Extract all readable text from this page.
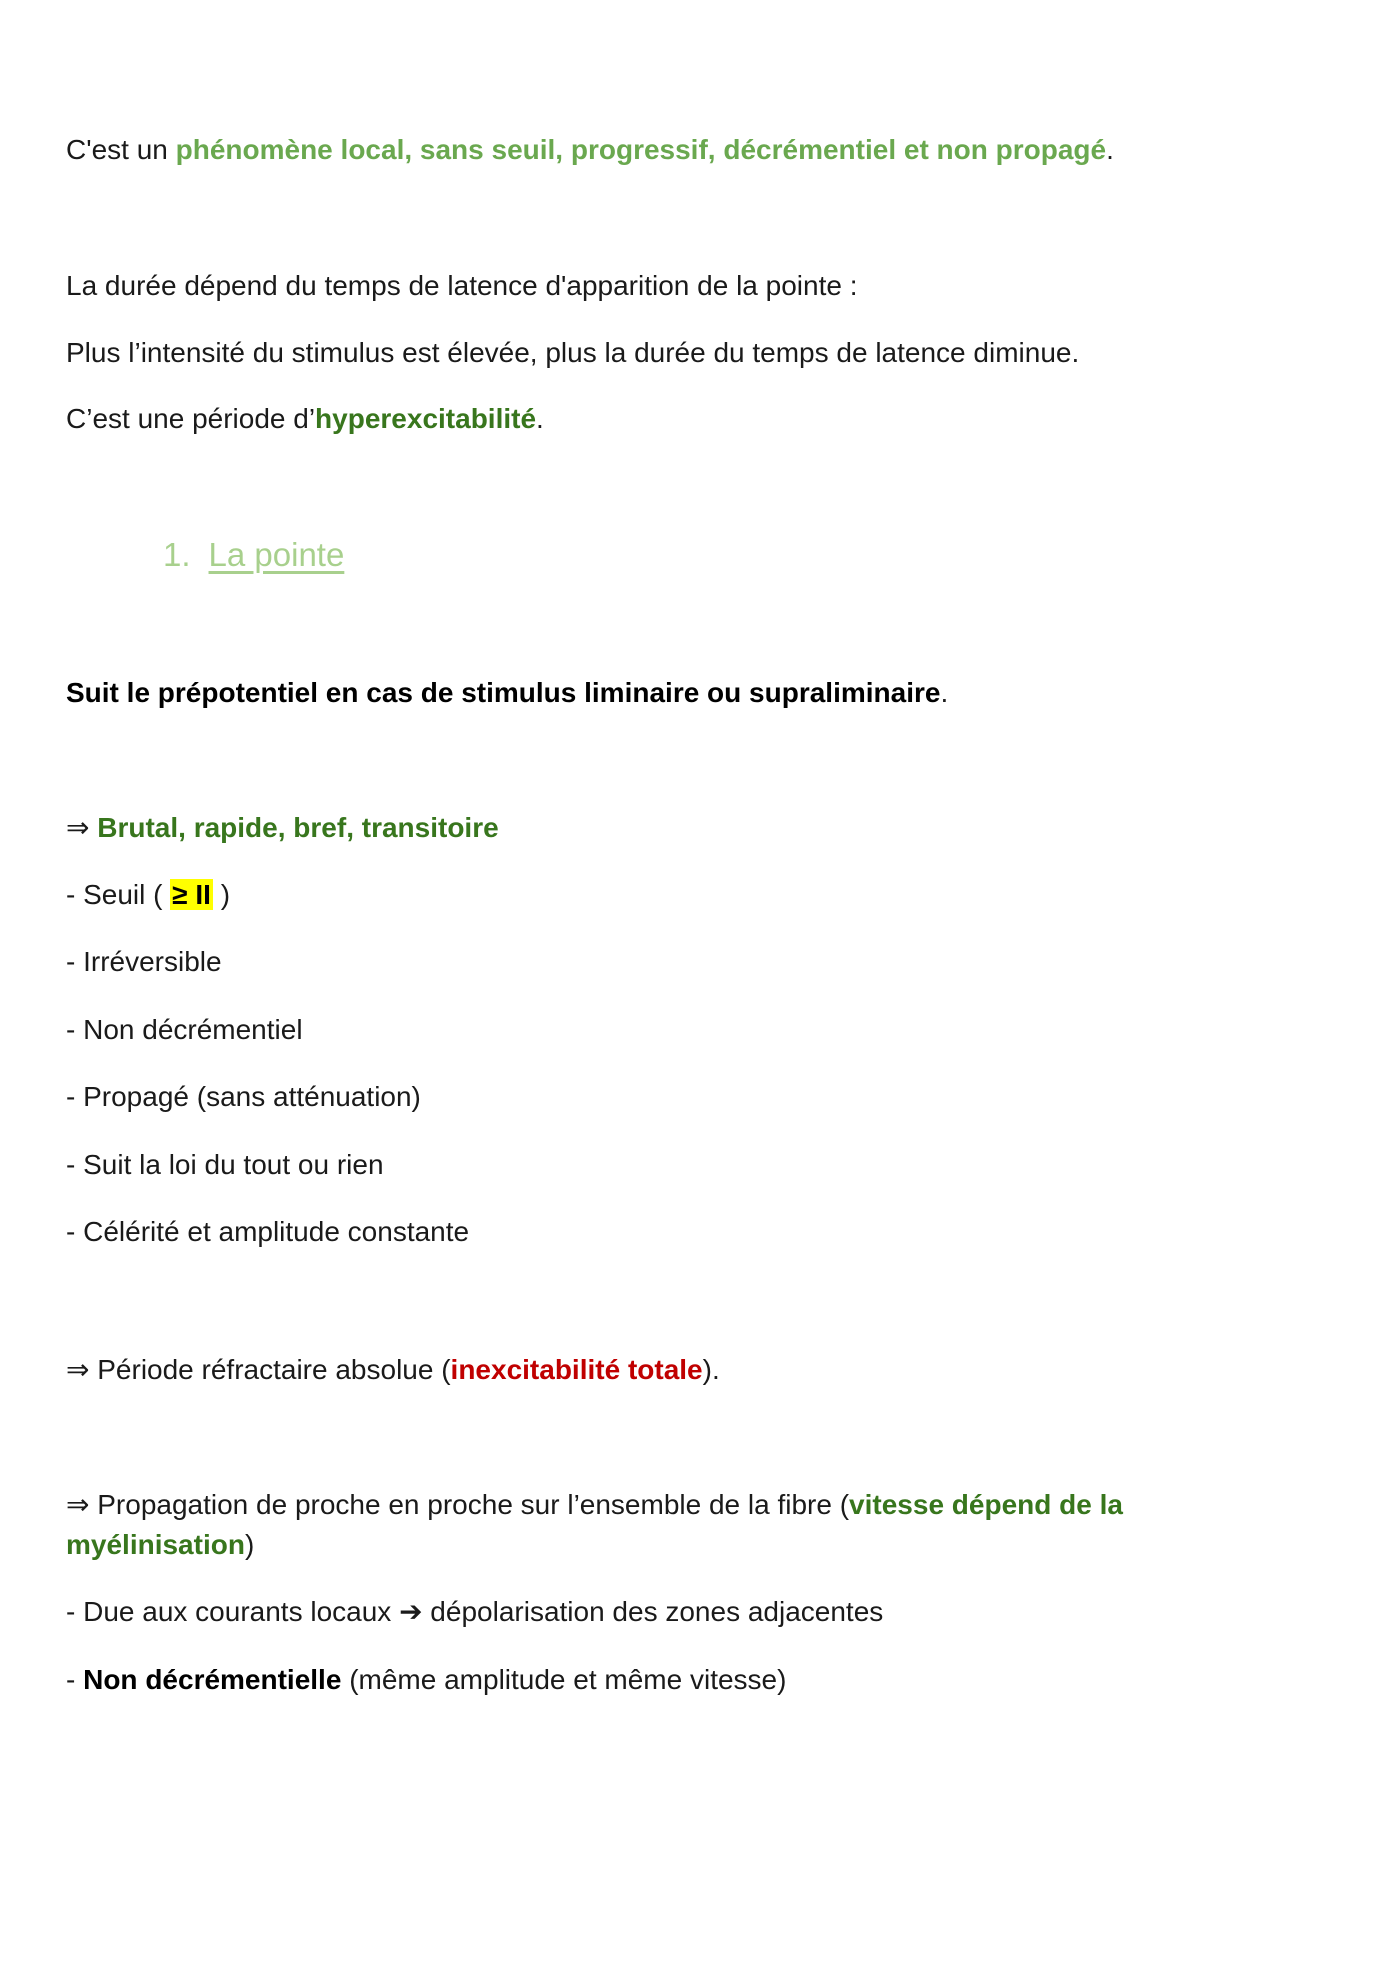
C'est un phénomène local, sans seuil, progressif, décrémentiel et non propagé.
La durée dépend du temps de latence d'apparition de la pointe :
Plus l’intensité du stimulus est élevée, plus la durée du temps de latence diminue.
C’est une période d’hyperexcitabilité.
1. La pointe
Suit le prépotentiel en cas de stimulus liminaire ou supraliminaire.
⇒ Brutal, rapide, bref, transitoire
- Seuil ( ≥ II )
- Irréversible
- Non décrémentiel
- Propagé (sans atténuation)
- Suit la loi du tout ou rien
- Célérité et amplitude constante
⇒ Période réfractaire absolue (inexcitabilité totale).
⇒ Propagation de proche en proche sur l’ensemble de la fibre (vitesse dépend de la myélinisation)
- Due aux courants locaux ➔ dépolarisation des zones adjacentes
- Non décrémentielle (même amplitude et même vitesse)
